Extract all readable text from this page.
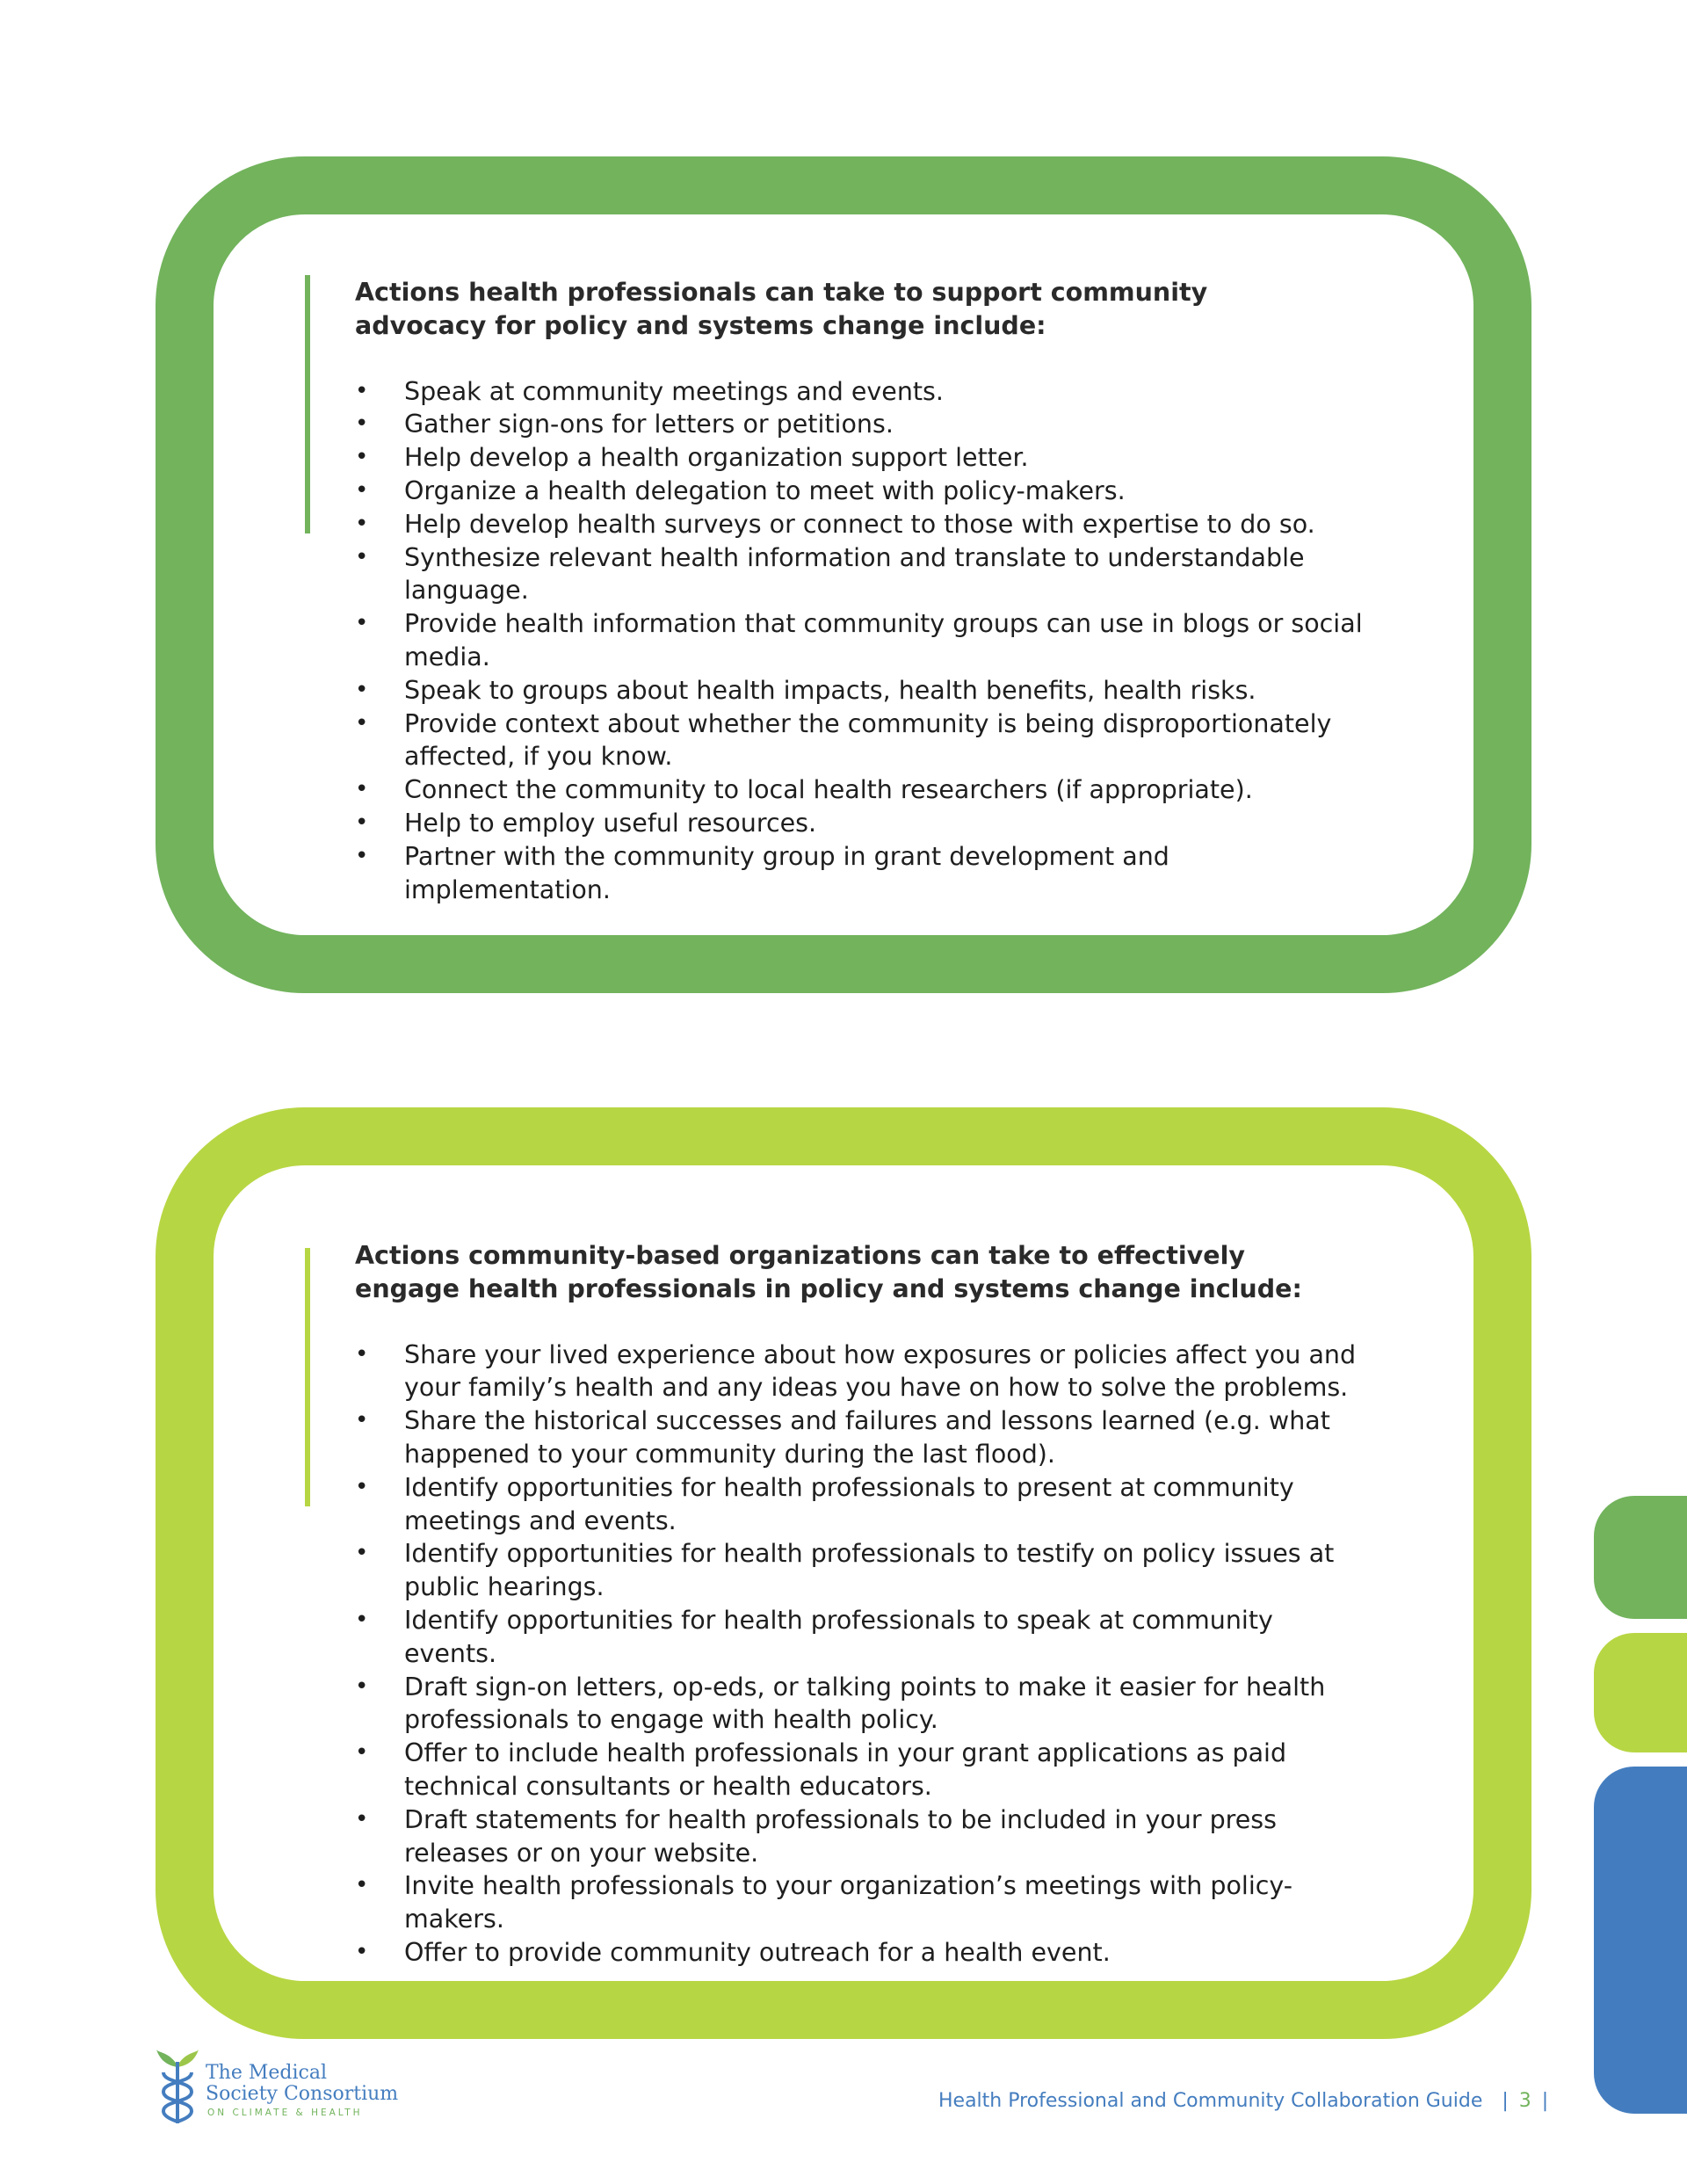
Actions health professionals can take to support community advocacy for policy and systems change include:
• Speak at community meetings and events.
• Gather sign-ons for letters or petitions.
• Help develop a health organization support letter.
• Organize a health delegation to meet with policy-makers.
• Help develop health surveys or connect to those with expertise to do so.
• Synthesize relevant health information and translate to understandable language.
• Provide health information that community groups can use in blogs or social media.
• Speak to groups about health impacts, health benefits, health risks.
• Provide context about whether the community is being disproportionately affected, if you know.
• Connect the community to local health researchers (if appropriate).
• Help to employ useful resources.
• Partner with the community group in grant development and implementation.
Actions community-based organizations can take to effectively engage health professionals in policy and systems change include:
• Share your lived experience about how exposures or policies affect you and your family’s health and any ideas you have on how to solve the problems.
• Share the historical successes and failures and lessons learned (e.g. what happened to your community during the last flood).
• Identify opportunities for health professionals to present at community meetings and events.
• Identify opportunities for health professionals to testify on policy issues at public hearings.
• Identify opportunities for health professionals to speak at community events.
• Draft sign-on letters, op-eds, or talking points to make it easier for health professionals to engage with health policy.
• Offer to include health professionals in your grant applications as paid technical consultants or health educators.
• Draft statements for health professionals to be included in your press releases or on your website.
• Invite health professionals to your organization’s meetings with policy-makers.
• Offer to provide community outreach for a health event.
The Medical
Society Consortium
ON CLIMATE & HEALTH
Health Professional and Community Collaboration Guide | 3 |
